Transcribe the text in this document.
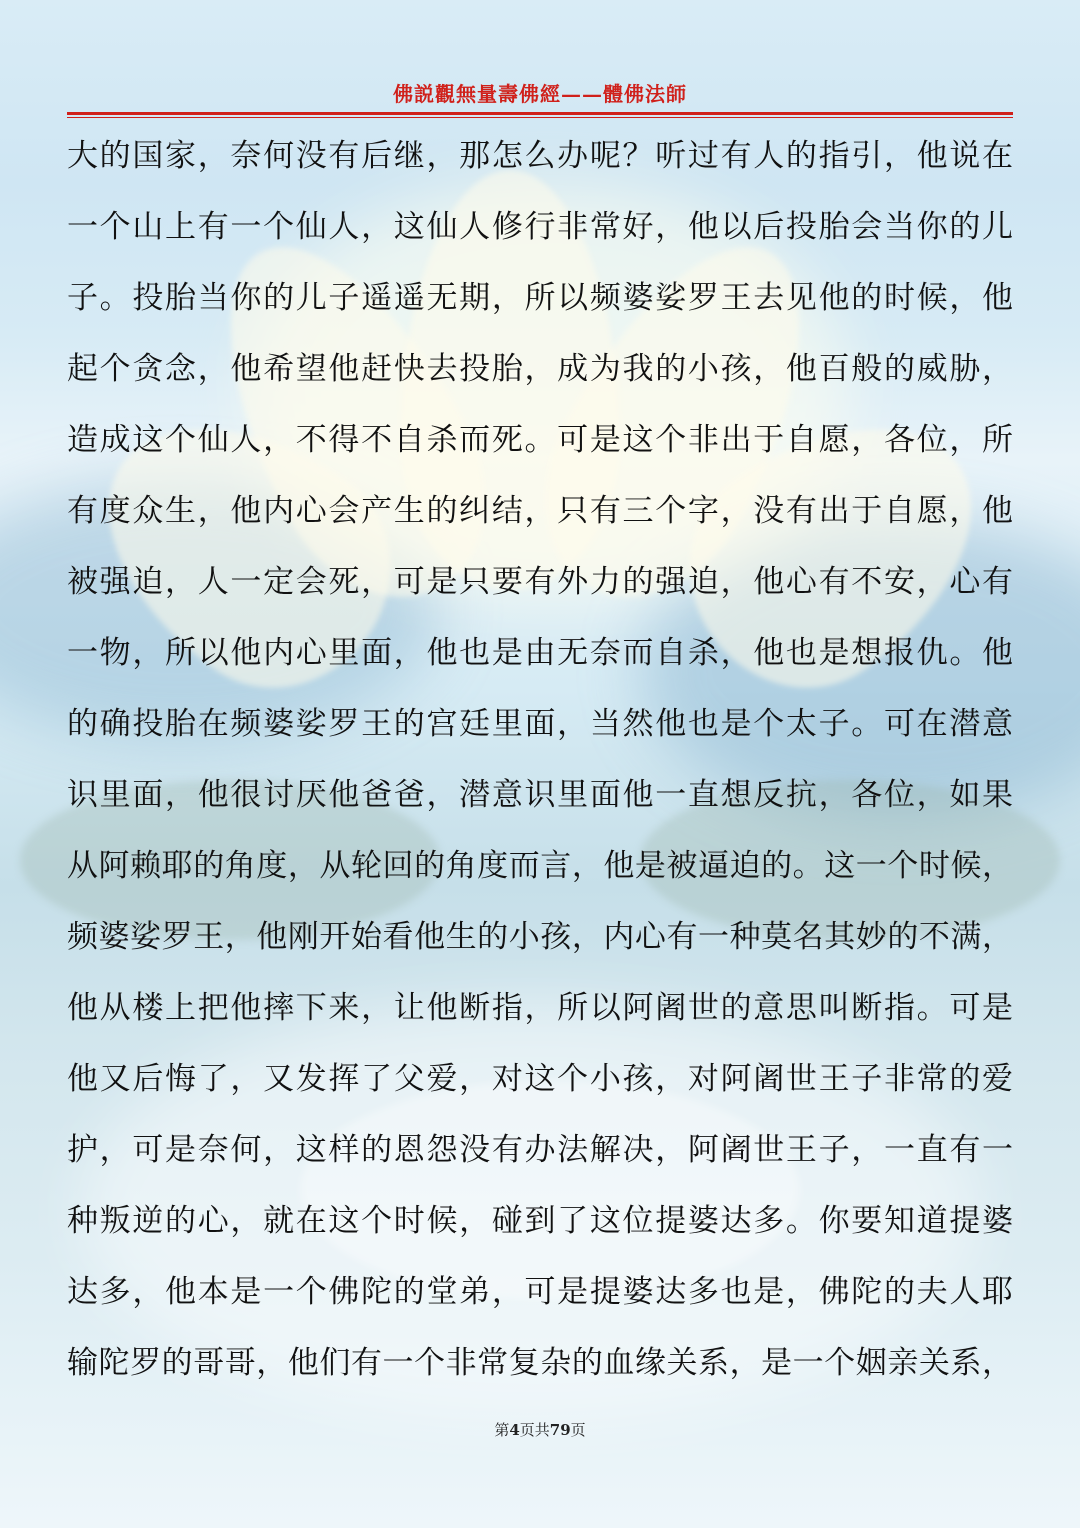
佛説觀無量壽佛經——體佛法師
大的国家，奈何没有后继，那怎么办呢？听过有人的指引，他说在
一个山上有一个仙人，这仙人修行非常好，他以后投胎会当你的儿
子。投胎当你的儿子遥遥无期，所以频婆娑罗王去见他的时候，他
起个贪念，他希望他赶快去投胎，成为我的小孩，他百般的威胁，
造成这个仙人，不得不自杀而死。可是这个非出于自愿，各位，所
有度众生，他内心会产生的纠结，只有三个字，没有出于自愿，他
被强迫，人一定会死，可是只要有外力的强迫，他心有不安，心有
一物，所以他内心里面，他也是由无奈而自杀，他也是想报仇。他
的确投胎在频婆娑罗王的宫廷里面，当然他也是个太子。可在潜意
识里面，他很讨厌他爸爸，潜意识里面他一直想反抗，各位，如果
从阿赖耶的角度，从轮回的角度而言，他是被逼迫的。这一个时候，
频婆娑罗王，他刚开始看他生的小孩，内心有一种莫名其妙的不满，
他从楼上把他摔下来，让他断指，所以阿阇世的意思叫断指。可是
他又后悔了，又发挥了父爱，对这个小孩，对阿阇世王子非常的爱
护，可是奈何，这样的恩怨没有办法解决，阿阇世王子，一直有一
种叛逆的心，就在这个时候，碰到了这位提婆达多。你要知道提婆
达多，他本是一个佛陀的堂弟，可是提婆达多也是，佛陀的夫人耶
输陀罗的哥哥，他们有一个非常复杂的血缘关系，是一个姻亲关系，
第4页共79页
